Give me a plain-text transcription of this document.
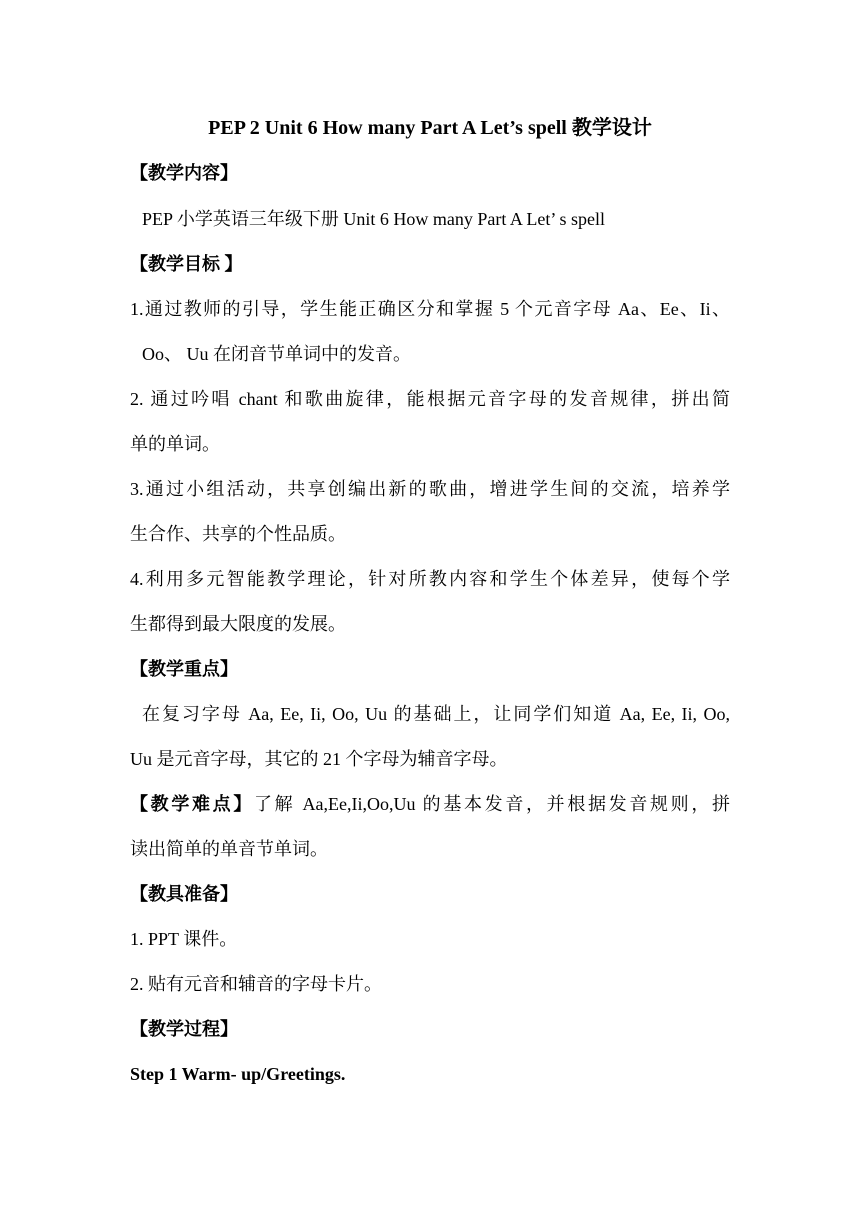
PEP 2 Unit 6 How many Part A Let’s spell 教学设计
【教学内容】
PEP 小学英语三年级下册 Unit 6 How many Part A Let’ s spell
【教学目标 】
1.通过教师的引导，学生能正确区分和掌握 5 个元音字母 Aa、Ee、Ii、
Oo、 Uu 在闭音节单词中的发音。
2. 通过吟唱 chant 和歌曲旋律，能根据元音字母的发音规律，拼出简
单的单词。
3.通过小组活动，共享创编出新的歌曲，增进学生间的交流，培养学
生合作、共享的个性品质。
4.利用多元智能教学理论，针对所教内容和学生个体差异，使每个学
生都得到最大限度的发展。
【教学重点】
在复习字母 Aa, Ee, Ii, Oo, Uu 的基础上，让同学们知道 Aa, Ee, Ii, Oo,
Uu 是元音字母，其它的 21 个字母为辅音字母。
【教学难点】了解 Aa,Ee,Ii,Oo,Uu 的基本发音，并根据发音规则，拼
读出简单的单音节单词。
【教具准备】
1. PPT 课件。
2. 贴有元音和辅音的字母卡片。
【教学过程】
Step 1 Warm- up/Greetings.
